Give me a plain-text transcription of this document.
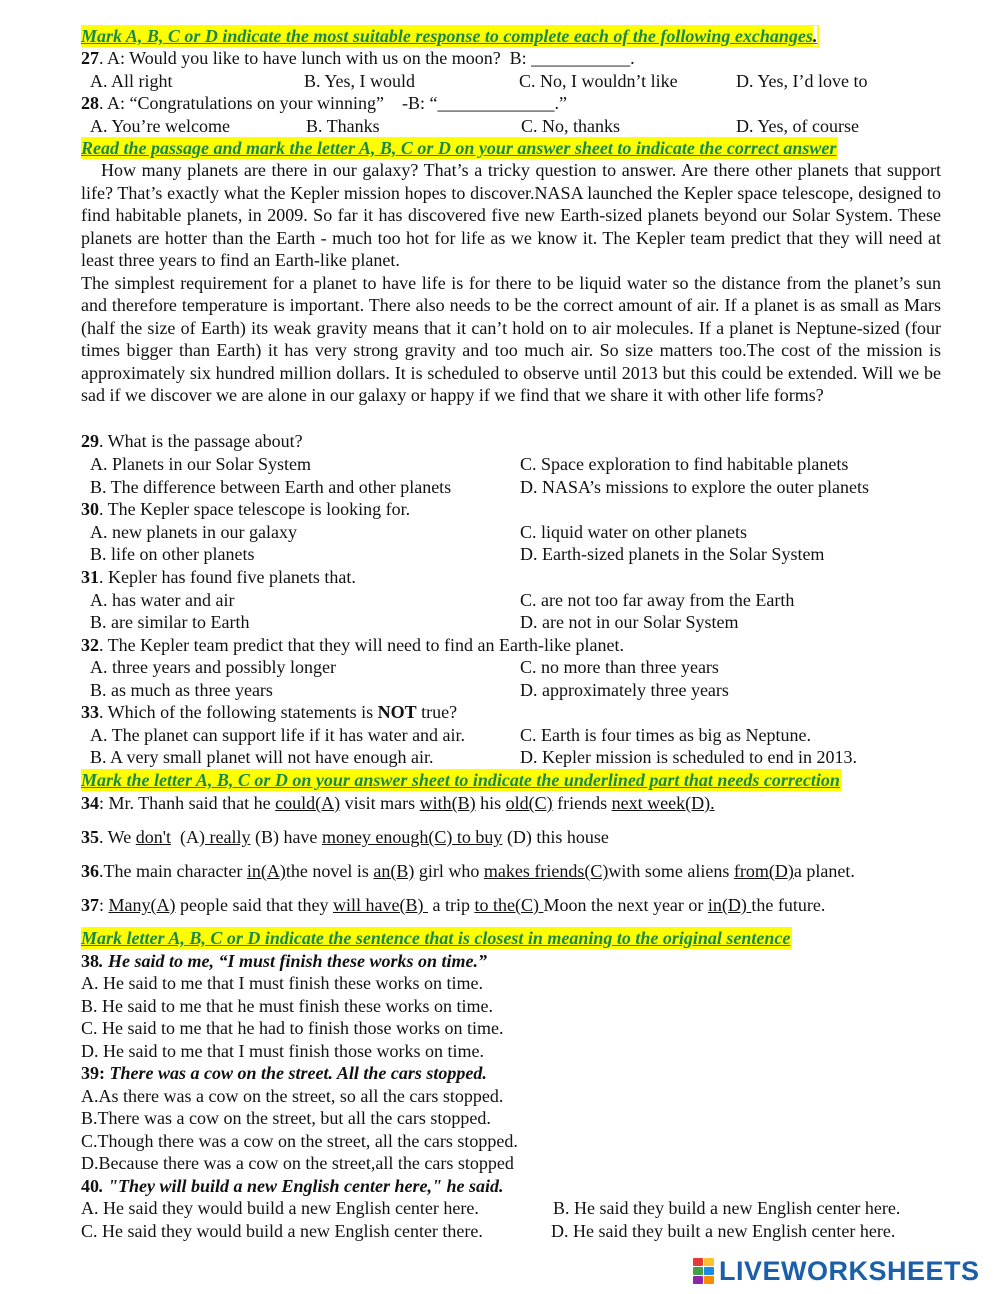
Mark A, B, C or D indicate the most suitable response to complete each of the following exchanges.
27. A: Would you like to have lunch with us on the moon?  B: ___________.
A. All right	B. Yes, I would	C. No, I wouldn’t like	D. Yes, I’d love to
28. A: “Congratulations on your winning”    -B: “_____________.”
A. You’re welcome	B. Thanks	C. No, thanks	D. Yes, of course
Read the passage and mark the letter A, B, C or D on your answer sheet to indicate the correct answer

How many planets are there in our galaxy? That’s a tricky question to answer. Are there other planets that support life? That’s exactly what the Kepler mission hopes to discover.NASA launched the Kepler space telescope, designed to find habitable planets, in 2009. So far it has discovered five new Earth-sized planets beyond our Solar System. These planets are hotter than the Earth - much too hot for life as we know it. The Kepler team predict that they will need at least three years to find an Earth-like planet.

The simplest requirement for a planet to have life is for there to be liquid water so the distance from the planet’s sun and therefore temperature is important. There also needs to be the correct amount of air. If a planet is as small as Mars (half the size of Earth) its weak gravity means that it can’t hold on to air molecules. If a planet is Neptune-sized (four times bigger than Earth) it has very strong gravity and too much air. So size matters too.The cost of the mission is approximately six hundred million dollars. It is scheduled to observe until 2013 but this could be extended. Will we be sad if we discover we are alone in our galaxy or happy if we find that we share it with other life forms?

29. What is the passage about?
A. Planets in our Solar System	C. Space exploration to find habitable planets
B. The difference between Earth and other planets	D. NASA’s missions to explore the outer planets
30. The Kepler space telescope is looking for.
A. new planets in our galaxy	C. liquid water on other planets
B. life on other planets	D. Earth-sized planets in the Solar System
31. Kepler has found five planets that.
A. has water and air	C. are not too far away from the Earth
B. are similar to Earth	D. are not in our Solar System
32. The Kepler team predict that they will need to find an Earth-like planet.
A. three years and possibly longer	C. no more than three years
B. as much as three years	D. approximately three years
33. Which of the following statements is NOT true?
A. The planet can support life if it has water and air.	C. Earth is four times as big as Neptune.
B. A very small planet will not have enough air.	D. Kepler mission is scheduled to end in 2013.
Mark the letter A, B, C or D on your answer sheet to indicate the underlined part that needs correction
34: Mr. Thanh said that he could(A) visit mars with(B) his old(C) friends next week(D).
35. We don't  (A) really (B) have money enough(C) to buy (D) this house
36.The main character in(A)the novel is an(B) girl who makes friends(C)with some aliens from(D)a planet.
37: Many(A) people said that they will have(B)  a trip to the(C) Moon the next year or in(D) the future.
Mark letter A, B, C or D indicate the sentence that is closest in meaning to the original sentence
38. He said to me, “I must finish these works on time.”
A. He said to me that I must finish these works on time.
B. He said to me that he must finish these works on time.
C. He said to me that he had to finish those works on time.
D. He said to me that I must finish those works on time.
39: There was a cow on the street. All the cars stopped.
A.As there was a cow on the street, so all the cars stopped.
B.There was a cow on the street, but all the cars stopped.
C.Though there was a cow on the street, all the cars stopped.
D.Because there was a cow on the street,all the cars stopped
40. "They will build a new English center here," he said.
A. He said they would build a new English center here.	B. He said they build a new English center here.
C. He said they would build a new English center there.	D. He said they built a new English center here.
LIVEWORKSHEETS
